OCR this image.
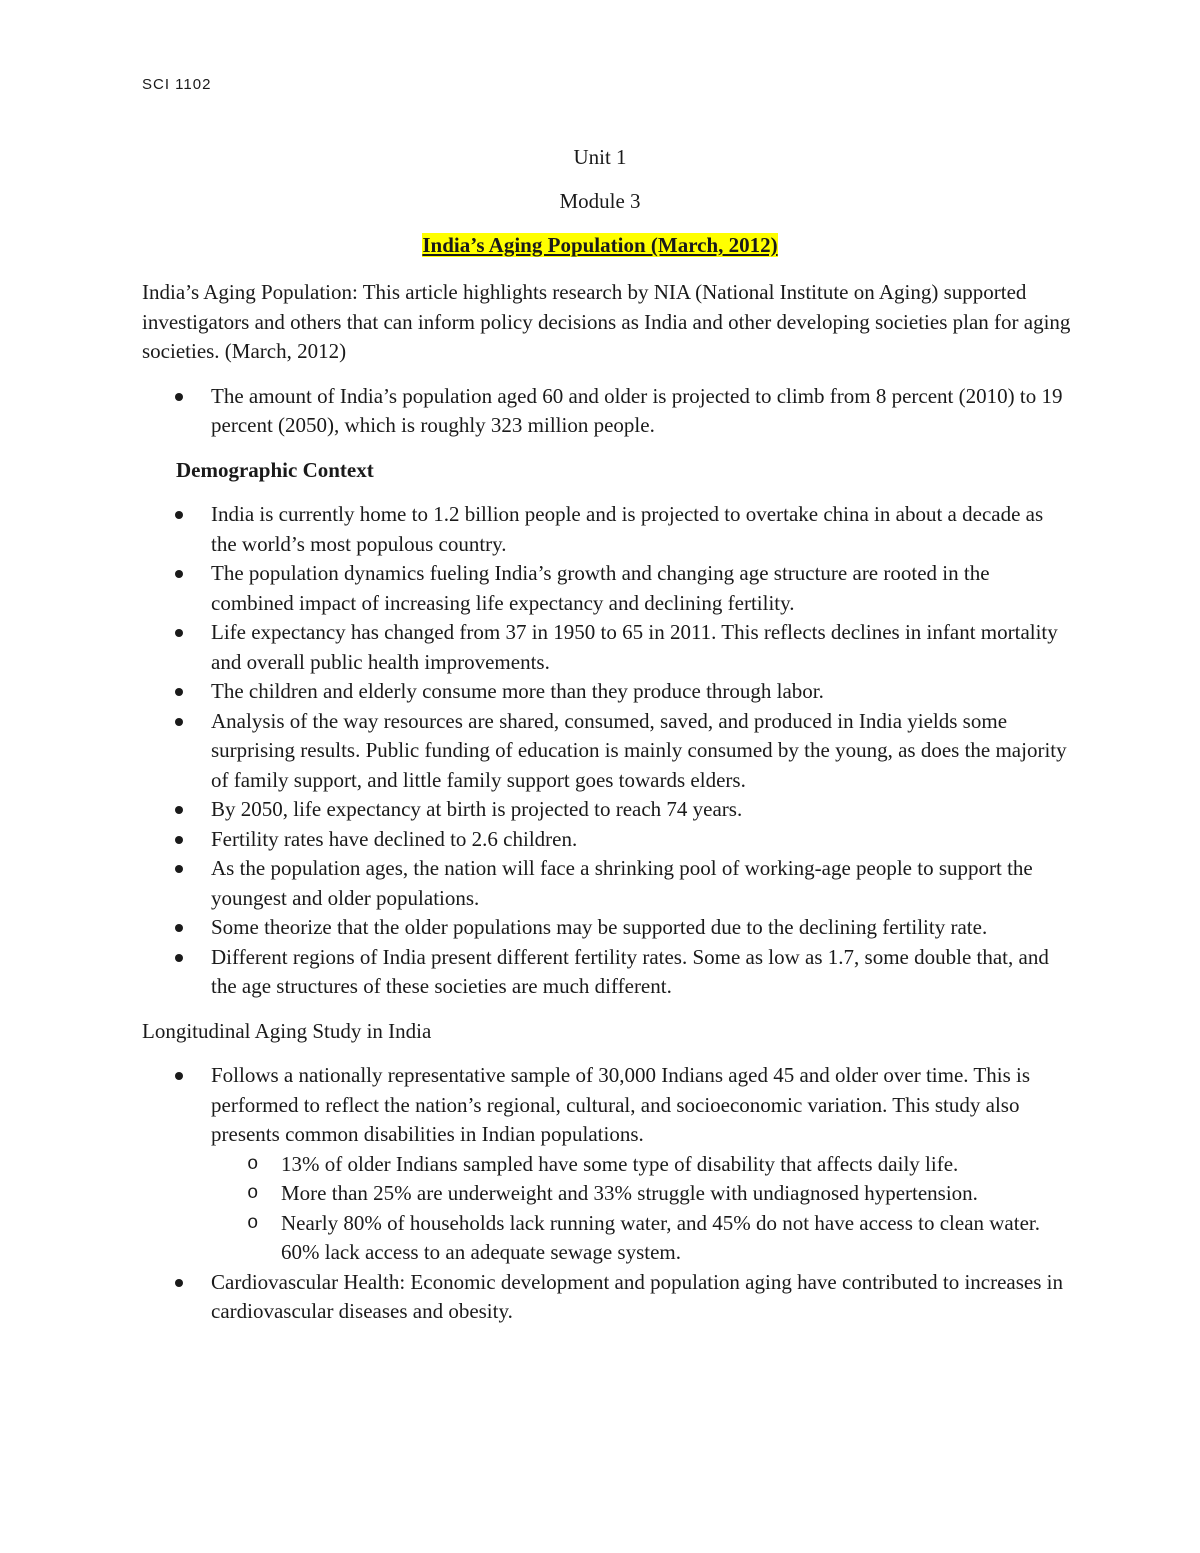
SCI 1102
Unit 1
Module 3
India’s Aging Population (March, 2012)

India’s Aging Population: This article highlights research by NIA (National Institute on Aging) supported investigators and others that can inform policy decisions as India and other developing societies plan for aging societies. (March, 2012)

The amount of India’s population aged 60 and older is projected to climb from 8 percent (2010) to 19 percent (2050), which is roughly 323 million people.

Demographic Context

India is currently home to 1.2 billion people and is projected to overtake china in about a decade as the world’s most populous country.
The population dynamics fueling India’s growth and changing age structure are rooted in the combined impact of increasing life expectancy and declining fertility.
Life expectancy has changed from 37 in 1950 to 65 in 2011. This reflects declines in infant mortality and overall public health improvements.
The children and elderly consume more than they produce through labor.
Analysis of the way resources are shared, consumed, saved, and produced in India yields some surprising results. Public funding of education is mainly consumed by the young, as does the majority of family support, and little family support goes towards elders.
By 2050, life expectancy at birth is projected to reach 74 years.
Fertility rates have declined to 2.6 children.
As the population ages, the nation will face a shrinking pool of working-age people to support the youngest and older populations.
Some theorize that the older populations may be supported due to the declining fertility rate.
Different regions of India present different fertility rates. Some as low as 1.7, some double that, and the age structures of these societies are much different.

Longitudinal Aging Study in India

Follows a nationally representative sample of 30,000 Indians aged 45 and older over time. This is performed to reflect the nation’s regional, cultural, and socioeconomic variation. This study also presents common disabilities in Indian populations.
o 13% of older Indians sampled have some type of disability that affects daily life.
o More than 25% are underweight and 33% struggle with undiagnosed hypertension.
o Nearly 80% of households lack running water, and 45% do not have access to clean water. 60% lack access to an adequate sewage system.
Cardiovascular Health: Economic development and population aging have contributed to increases in cardiovascular diseases and obesity.
